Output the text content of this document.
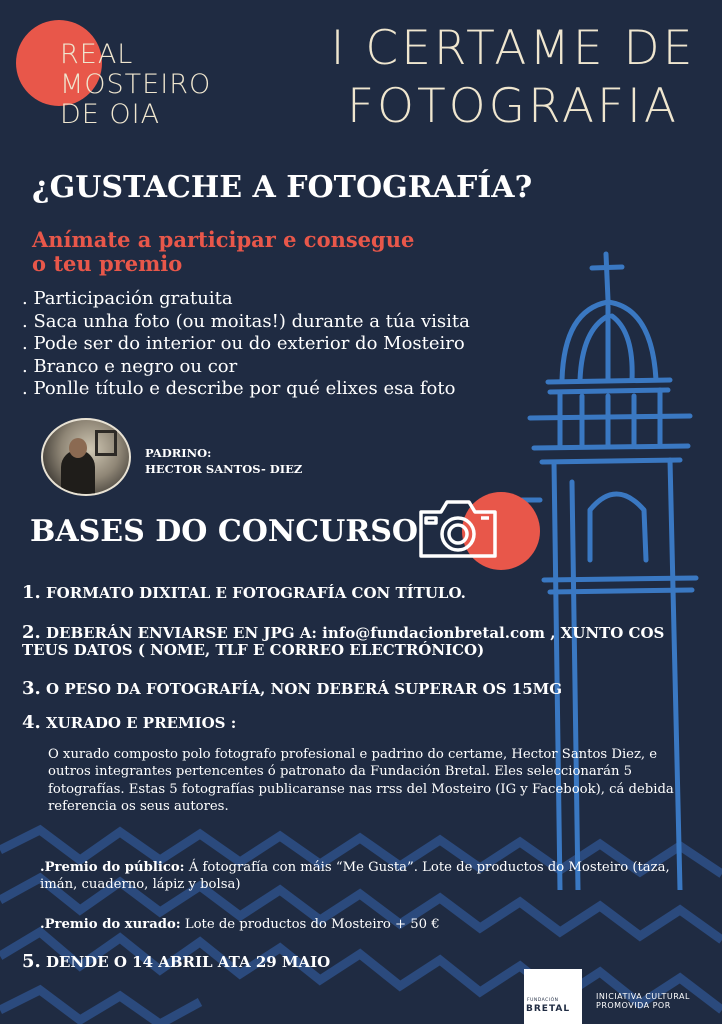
REAL
MOSTEIRO
DE OIA
I CERTAME DE
FOTOGRAFIA
¿GUSTACHE A FOTOGRAFÍA?
Anímate a participar e consegue
o teu premio
. Participación gratuita
. Saca unha foto (ou moitas!) durante a túa visita
. Pode ser do interior ou do exterior do Mosteiro
. Branco e negro ou cor
. Ponlle título e describe por qué elixes esa foto
PADRINO:
HECTOR SANTOS- DIEZ
BASES DO CONCURSO
1. FORMATO DIXITAL E FOTOGRAFÍA CON TÍTULO.
2. DEBERÁN ENVIARSE EN JPG A: info@fundacionbretal.com , XUNTO COS TEUS DATOS ( NOME, TLF E CORREO ELECTRÓNICO)
3. O PESO DA FOTOGRAFÍA, NON DEBERÁ SUPERAR OS 15MG
4. XURADO E PREMIOS :
O xurado composto polo fotografo profesional e padrino do certame, Hector Santos Diez, e outros integrantes pertencentes ó patronato da Fundación Bretal. Eles seleccionarán 5 fotografías. Estas 5 fotografías publicaranse nas rrss del Mosteiro (IG y Facebook), cá debida referencia os seus autores.
.Premio do público: Á fotografía con máis “Me Gusta”. Lote de productos do Mosteiro (taza, imán, cuaderno, lápiz y bolsa)
.Premio do xurado: Lote de productos do Mosteiro + 50 €
5. DENDE O 14 ABRIL ATA 29 MAIO
FUNDACIÓN
BRETAL
INICIATIVA CULTURAL
PROMOVIDA POR
